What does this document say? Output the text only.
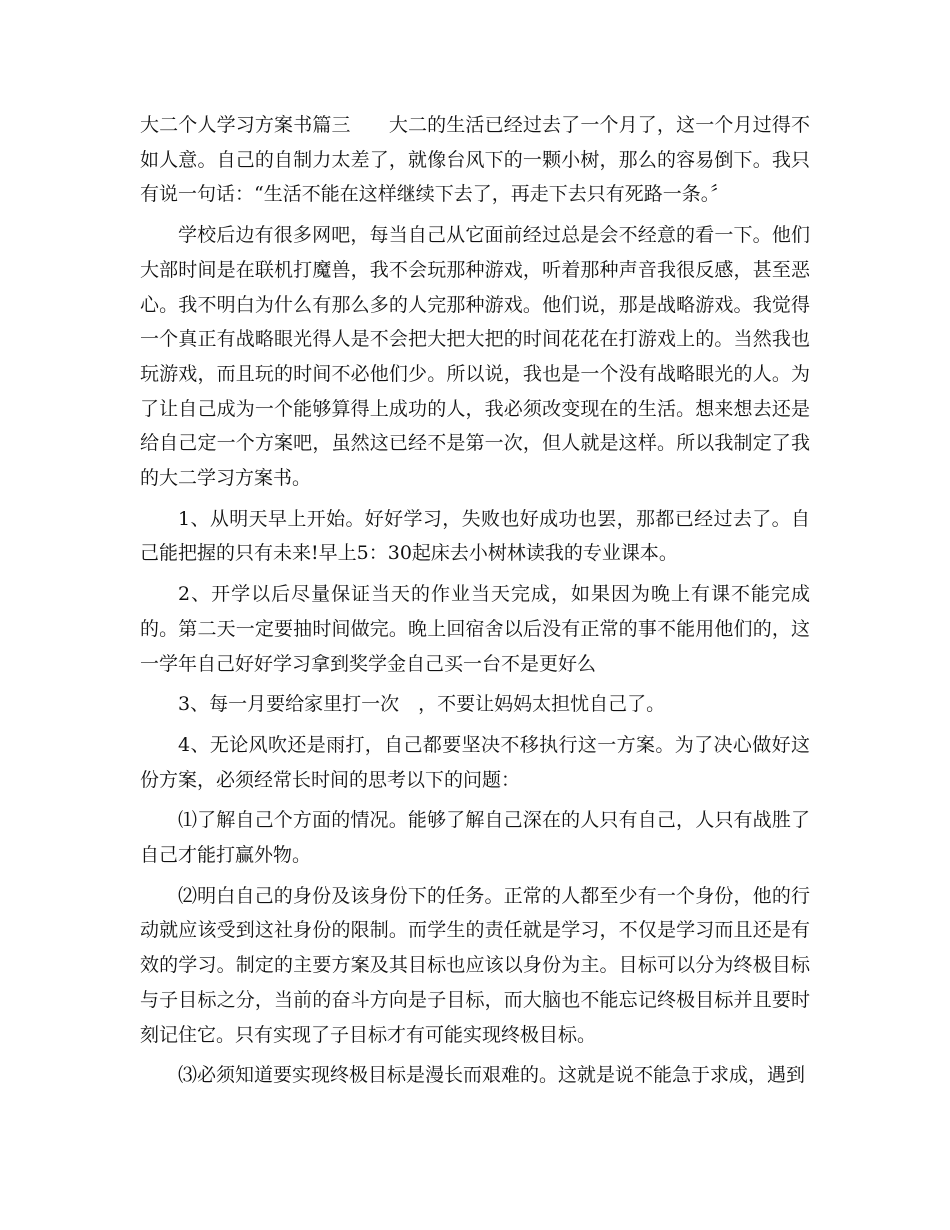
大二个人学习方案书篇三 大二的生活已经过去了一个月了，这一个月过得不如人意。自己的自制力太差了，就像台风下的一颗小树，那么的容易倒下。我只有说一句话：“生活不能在这样继续下去了，再走下去只有死路一条。〞

学校后边有很多网吧，每当自己从它面前经过总是会不经意的看一下。他们大部时间是在联机打魔兽，我不会玩那种游戏，听着那种声音我很反感，甚至恶心。我不明白为什么有那么多的人完那种游戏。他们说，那是战略游戏。我觉得一个真正有战略眼光得人是不会把大把大把的时间花花在打游戏上的。当然我也玩游戏，而且玩的时间不必他们少。所以说，我也是一个没有战略眼光的人。为了让自己成为一个能够算得上成功的人，我必须改变现在的生活。想来想去还是给自己定一个方案吧，虽然这已经不是第一次，但人就是这样。所以我制定了我的大二学习方案书。

1、从明天早上开始。好好学习，失败也好成功也罢，那都已经过去了。自己能把握的只有未来!早上5：30起床去小树林读我的专业课本。

2、开学以后尽量保证当天的作业当天完成，如果因为晚上有课不能完成的。第二天一定要抽时间做完。晚上回宿舍以后没有正常的事不能用他们的，这一学年自己好好学习拿到奖学金自己买一台不是更好么

3、每一月要给家里打一次　，不要让妈妈太担忧自己了。

4、无论风吹还是雨打，自己都要坚决不移执行这一方案。为了决心做好这份方案，必须经常长时间的思考以下的问题：

⑴了解自己个方面的情况。能够了解自己深在的人只有自己，人只有战胜了自己才能打赢外物。

⑵明白自己的身份及该身份下的任务。正常的人都至少有一个身份，他的行动就应该受到这社身份的限制。而学生的责任就是学习，不仅是学习而且还是有效的学习。制定的主要方案及其目标也应该以身份为主。目标可以分为终极目标与子目标之分，当前的奋斗方向是子目标，而大脑也不能忘记终极目标并且要时刻记住它。只有实现了子目标才有可能实现终极目标。

⑶必须知道要实现终极目标是漫长而艰难的。这就是说不能急于求成，遇到
